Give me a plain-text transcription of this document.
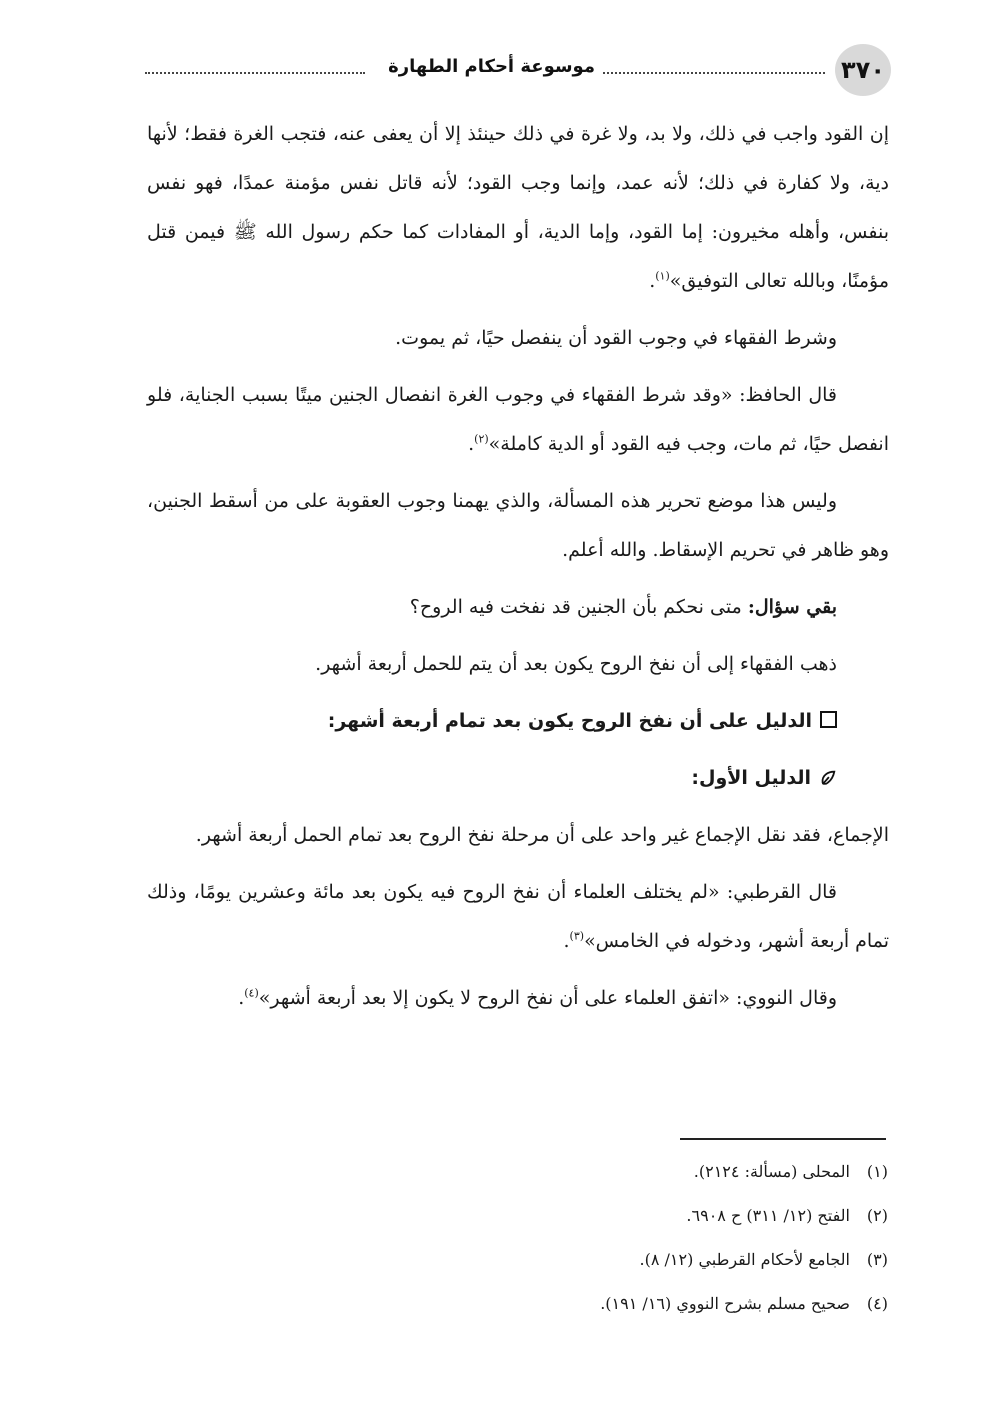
٣٧٠
موسوعة أحكام الطهارة

إن القود واجب في ذلك، ولا بد، ولا غرة في ذلك حينئذ إلا أن يعفى عنه، فتجب الغرة فقط؛ لأنها دية، ولا كفارة في ذلك؛ لأنه عمد، وإنما وجب القود؛ لأنه قاتل نفس مؤمنة عمدًا، فهو نفس بنفس، وأهله مخيرون: إما القود، وإما الدية، أو المفادات كما حكم رسول الله ﷺ فيمن قتل مؤمنًا، وبالله تعالى التوفيق»$^{(١)}$.

وشرط الفقهاء في وجوب القود أن ينفصل حيًا، ثم يموت.

قال الحافظ: «وقد شرط الفقهاء في وجوب الغرة انفصال الجنين ميتًا بسبب الجناية، فلو انفصل حيًا، ثم مات، وجب فيه القود أو الدية كاملة»$^{(٢)}$.

وليس هذا موضع تحرير هذه المسألة، والذي يهمنا وجوب العقوبة على من أسقط الجنين، وهو ظاهر في تحريم الإسقاط. والله أعلم.

بقي سؤال: متى نحكم بأن الجنين قد نفخت فيه الروح؟

ذهب الفقهاء إلى أن نفخ الروح يكون بعد أن يتم للحمل أربعة أشهر.

الدليل على أن نفخ الروح يكون بعد تمام أربعة أشهر:
الدليل الأول:

الإجماع، فقد نقل الإجماع غير واحد على أن مرحلة نفخ الروح بعد تمام الحمل أربعة أشهر.

قال القرطبي: «لم يختلف العلماء أن نفخ الروح فيه يكون بعد مائة وعشرين يومًا، وذلك تمام أربعة أشهر، ودخوله في الخامس»$^{(٣)}$.

وقال النووي: «اتفق العلماء على أن نفخ الروح لا يكون إلا بعد أربعة أشهر»$^{(٤)}$.

(١)المحلى (مسألة: ٢١٢٤).
(٢)الفتح (١٢/ ٣١١) ح ٦٩٠٨.
(٣)الجامع لأحكام القرطبي (١٢/ ٨).
(٤)صحيح مسلم بشرح النووي (١٦/ ١٩١).
